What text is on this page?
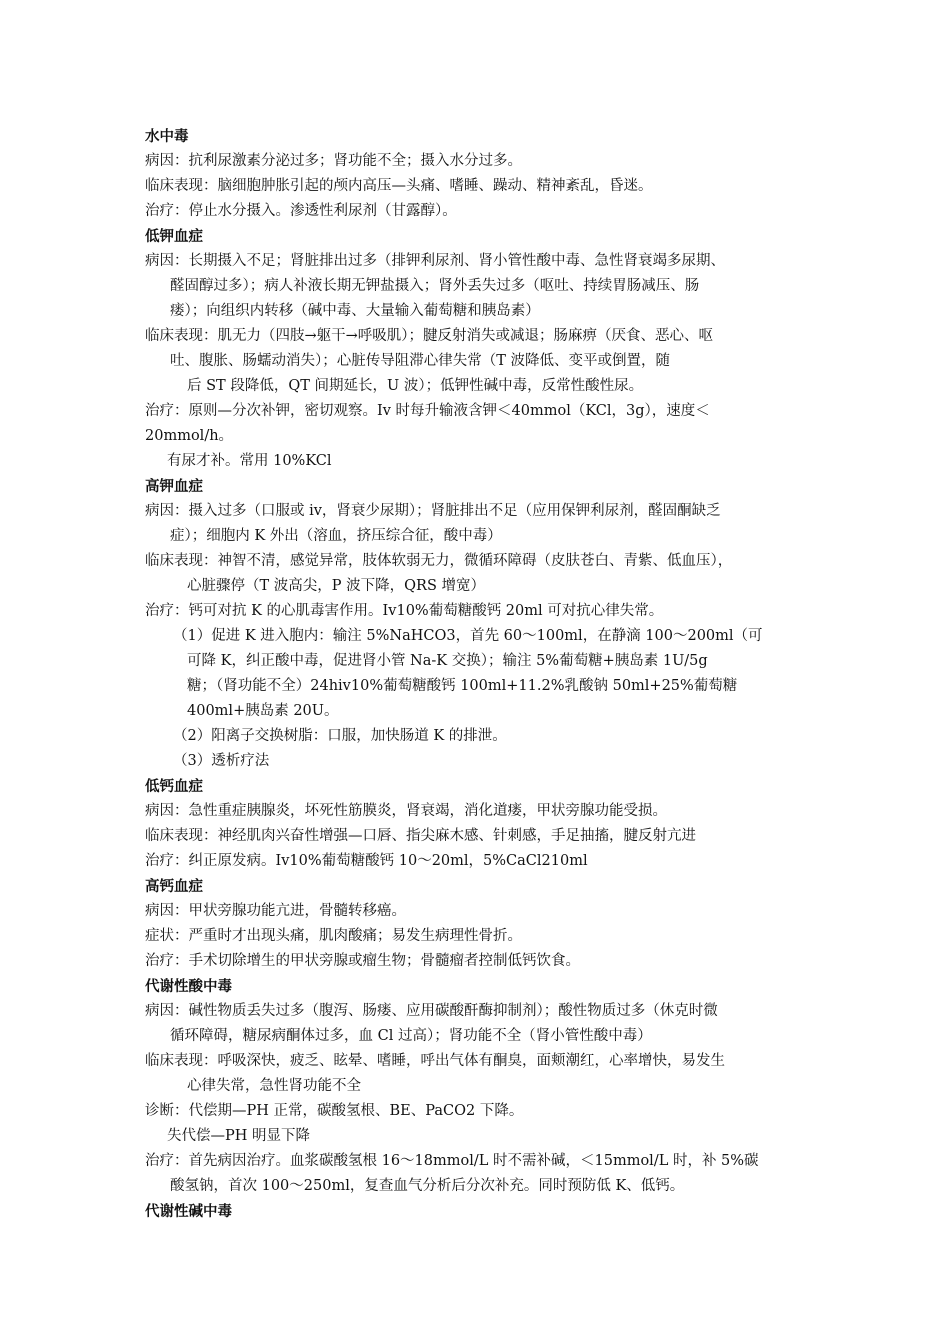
水中毒
病因：抗利尿激素分泌过多；肾功能不全；摄入水分过多。
临床表现：脑细胞肿胀引起的颅内高压—头痛、嗜睡、躁动、精神紊乱，昏迷。
治疗：停止水分摄入。渗透性利尿剂（甘露醇）。
低钾血症
病因：长期摄入不足；肾脏排出过多（排钾利尿剂、肾小管性酸中毒、急性肾衰竭多尿期、
醛固醇过多）；病人补液长期无钾盐摄入；肾外丢失过多（呕吐、持续胃肠减压、肠
瘘）；向组织内转移（碱中毒、大量输入葡萄糖和胰岛素）
临床表现：肌无力（四肢→躯干→呼吸肌）；腱反射消失或减退；肠麻痹（厌食、恶心、呕
吐、腹胀、肠蠕动消失）；心脏传导阻滞心律失常（T 波降低、变平或倒置，随
后 ST 段降低，QT 间期延长，U 波）；低钾性碱中毒，反常性酸性尿。
治疗：原则—分次补钾，密切观察。Iv 时每升输液含钾＜40mmol（KCl，3g），速度＜
20mmol/h。
有尿才补。常用 10%KCl
高钾血症
病因：摄入过多（口服或 iv，肾衰少尿期）；肾脏排出不足（应用保钾利尿剂，醛固酮缺乏
症）；细胞内 K 外出（溶血，挤压综合征，酸中毒）
临床表现：神智不清，感觉异常，肢体软弱无力，微循环障碍（皮肤苍白、青紫、低血压），
心脏骤停（T 波高尖，P 波下降，QRS 增宽）
治疗：钙可对抗 K 的心肌毒害作用。Iv10%葡萄糖酸钙 20ml 可对抗心律失常。
（1）促进 K 进入胞内：输注 5%NaHCO3，首先 60～100ml，在静滴 100～200ml（可
可降 K，纠正酸中毒，促进肾小管 Na-K 交换）；输注 5%葡萄糖+胰岛素 1U/5g
糖；（肾功能不全）24hiv10%葡萄糖酸钙 100ml+11.2%乳酸钠 50ml+25%葡萄糖
400ml+胰岛素 20U。
（2）阳离子交换树脂：口服，加快肠道 K 的排泄。
（3）透析疗法
低钙血症
病因：急性重症胰腺炎，坏死性筋膜炎，肾衰竭，消化道瘘，甲状旁腺功能受损。
临床表现：神经肌肉兴奋性增强—口唇、指尖麻木感、针刺感，手足抽搐，腱反射亢进
治疗：纠正原发病。Iv10%葡萄糖酸钙 10～20ml，5%CaCl210ml
高钙血症
病因：甲状旁腺功能亢进，骨髓转移癌。
症状：严重时才出现头痛，肌肉酸痛；易发生病理性骨折。
治疗：手术切除增生的甲状旁腺或瘤生物；骨髓瘤者控制低钙饮食。
代谢性酸中毒
病因：碱性物质丢失过多（腹泻、肠瘘、应用碳酸酐酶抑制剂）；酸性物质过多（休克时微
循环障碍，糖尿病酮体过多，血 Cl 过高）；肾功能不全（肾小管性酸中毒）
临床表现：呼吸深快，疲乏、眩晕、嗜睡，呼出气体有酮臭，面颊潮红，心率增快，易发生
心律失常，急性肾功能不全
诊断：代偿期—PH 正常，碳酸氢根、BE、PaCO2 下降。
失代偿—PH 明显下降
治疗：首先病因治疗。血浆碳酸氢根 16～18mmol/L 时不需补碱，＜15mmol/L 时，补 5%碳
酸氢钠，首次 100～250ml，复查血气分析后分次补充。同时预防低 K、低钙。
代谢性碱中毒
